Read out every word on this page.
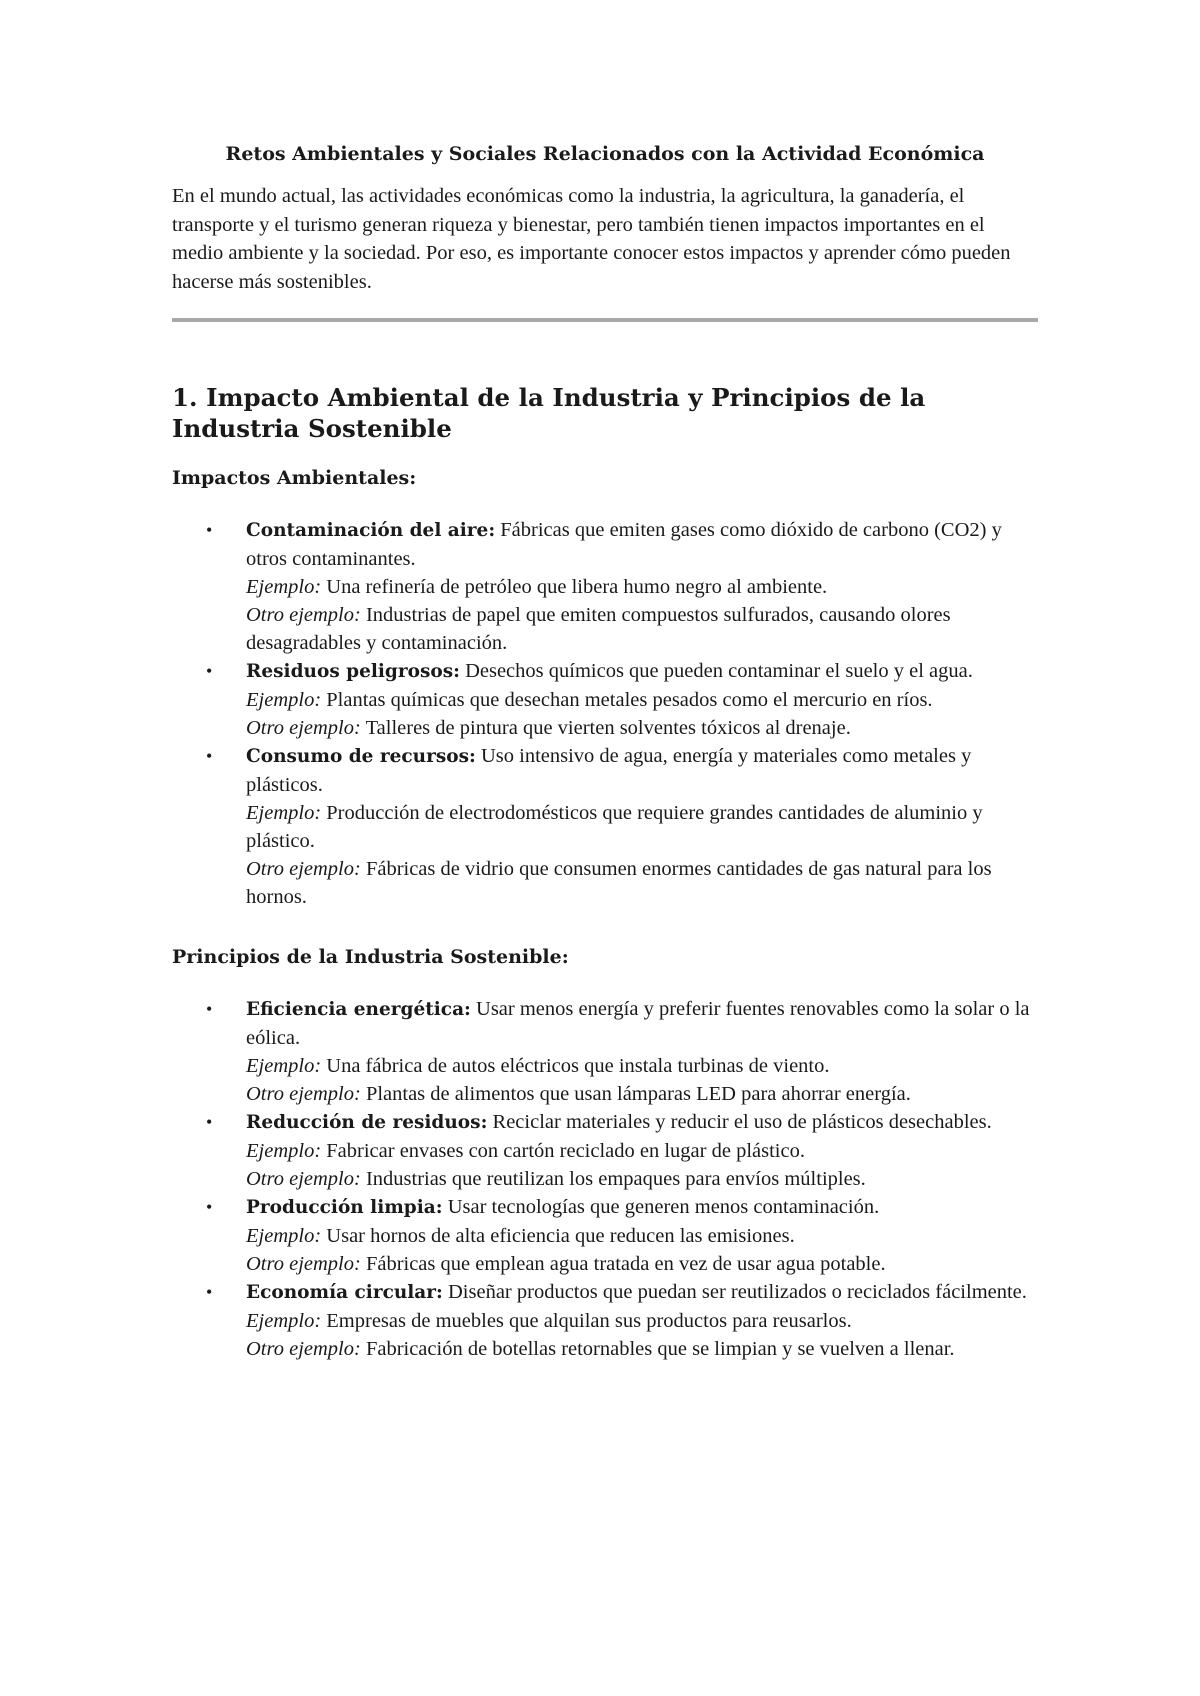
Retos Ambientales y Sociales Relacionados con la Actividad Económica

En el mundo actual, las actividades económicas como la industria, la agricultura, la ganadería, el transporte y el turismo generan riqueza y bienestar, pero también tienen impactos importantes en el medio ambiente y la sociedad. Por eso, es importante conocer estos impactos y aprender cómo pueden hacerse más sostenibles.

1. Impacto Ambiental de la Industria y Principios de la Industria Sostenible
Impactos Ambientales:
• Contaminación del aire: Fábricas que emiten gases como dióxido de carbono (CO2) y otros contaminantes.
Ejemplo: Una refinería de petróleo que libera humo negro al ambiente.
Otro ejemplo: Industrias de papel que emiten compuestos sulfurados, causando olores desagradables y contaminación.
• Residuos peligrosos: Desechos químicos que pueden contaminar el suelo y el agua.
Ejemplo: Plantas químicas que desechan metales pesados como el mercurio en ríos.
Otro ejemplo: Talleres de pintura que vierten solventes tóxicos al drenaje.
• Consumo de recursos: Uso intensivo de agua, energía y materiales como metales y plásticos.
Ejemplo: Producción de electrodomésticos que requiere grandes cantidades de aluminio y plástico.
Otro ejemplo: Fábricas de vidrio que consumen enormes cantidades de gas natural para los hornos.
Principios de la Industria Sostenible:
• Eficiencia energética: Usar menos energía y preferir fuentes renovables como la solar o la eólica.
Ejemplo: Una fábrica de autos eléctricos que instala turbinas de viento.
Otro ejemplo: Plantas de alimentos que usan lámparas LED para ahorrar energía.
• Reducción de residuos: Reciclar materiales y reducir el uso de plásticos desechables.
Ejemplo: Fabricar envases con cartón reciclado en lugar de plástico.
Otro ejemplo: Industrias que reutilizan los empaques para envíos múltiples.
• Producción limpia: Usar tecnologías que generen menos contaminación.
Ejemplo: Usar hornos de alta eficiencia que reducen las emisiones.
Otro ejemplo: Fábricas que emplean agua tratada en vez de usar agua potable.
• Economía circular: Diseñar productos que puedan ser reutilizados o reciclados fácilmente.
Ejemplo: Empresas de muebles que alquilan sus productos para reusarlos.
Otro ejemplo: Fabricación de botellas retornables que se limpian y se vuelven a llenar.
